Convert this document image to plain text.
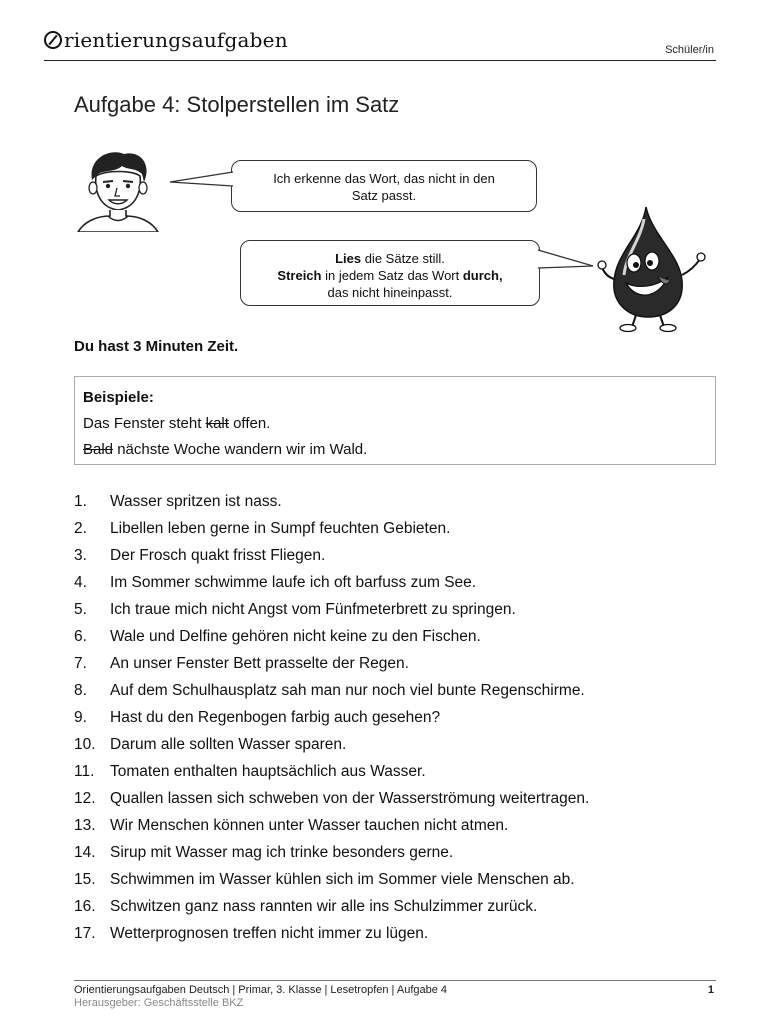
rientierungsaufgaben	Schüler/in
Aufgabe 4: Stolperstellen im Satz
Ich erkenne das Wort, das nicht in den
Satz passt.
Lies die Sätze still.
Streich in jedem Satz das Wort durch,
das nicht hineinpasst.
Du hast 3 Minuten Zeit.
Beispiele:
Das Fenster steht kalt offen.
Bald nächste Woche wandern wir im Wald.
1. Wasser spritzen ist nass.
2. Libellen leben gerne in Sumpf feuchten Gebieten.
3. Der Frosch quakt frisst Fliegen.
4. Im Sommer schwimme laufe ich oft barfuss zum See.
5. Ich traue mich nicht Angst vom Fünfmeterbrett zu springen.
6. Wale und Delfine gehören nicht keine zu den Fischen.
7. An unser Fenster Bett prasselte der Regen.
8. Auf dem Schulhausplatz sah man nur noch viel bunte Regenschirme.
9. Hast du den Regenbogen farbig auch gesehen?
10. Darum alle sollten Wasser sparen.
11. Tomaten enthalten hauptsächlich aus Wasser.
12. Quallen lassen sich schweben von der Wasserströmung weitertragen.
13. Wir Menschen können unter Wasser tauchen nicht atmen.
14. Sirup mit Wasser mag ich trinke besonders gerne.
15. Schwimmen im Wasser kühlen sich im Sommer viele Menschen ab.
16. Schwitzen ganz nass rannten wir alle ins Schulzimmer zurück.
17. Wetterprognosen treffen nicht immer zu lügen.
Orientierungsaufgaben Deutsch | Primar, 3. Klasse | Lesetropfen | Aufgabe 4
Herausgeber: Geschäftsstelle BKZ
1
